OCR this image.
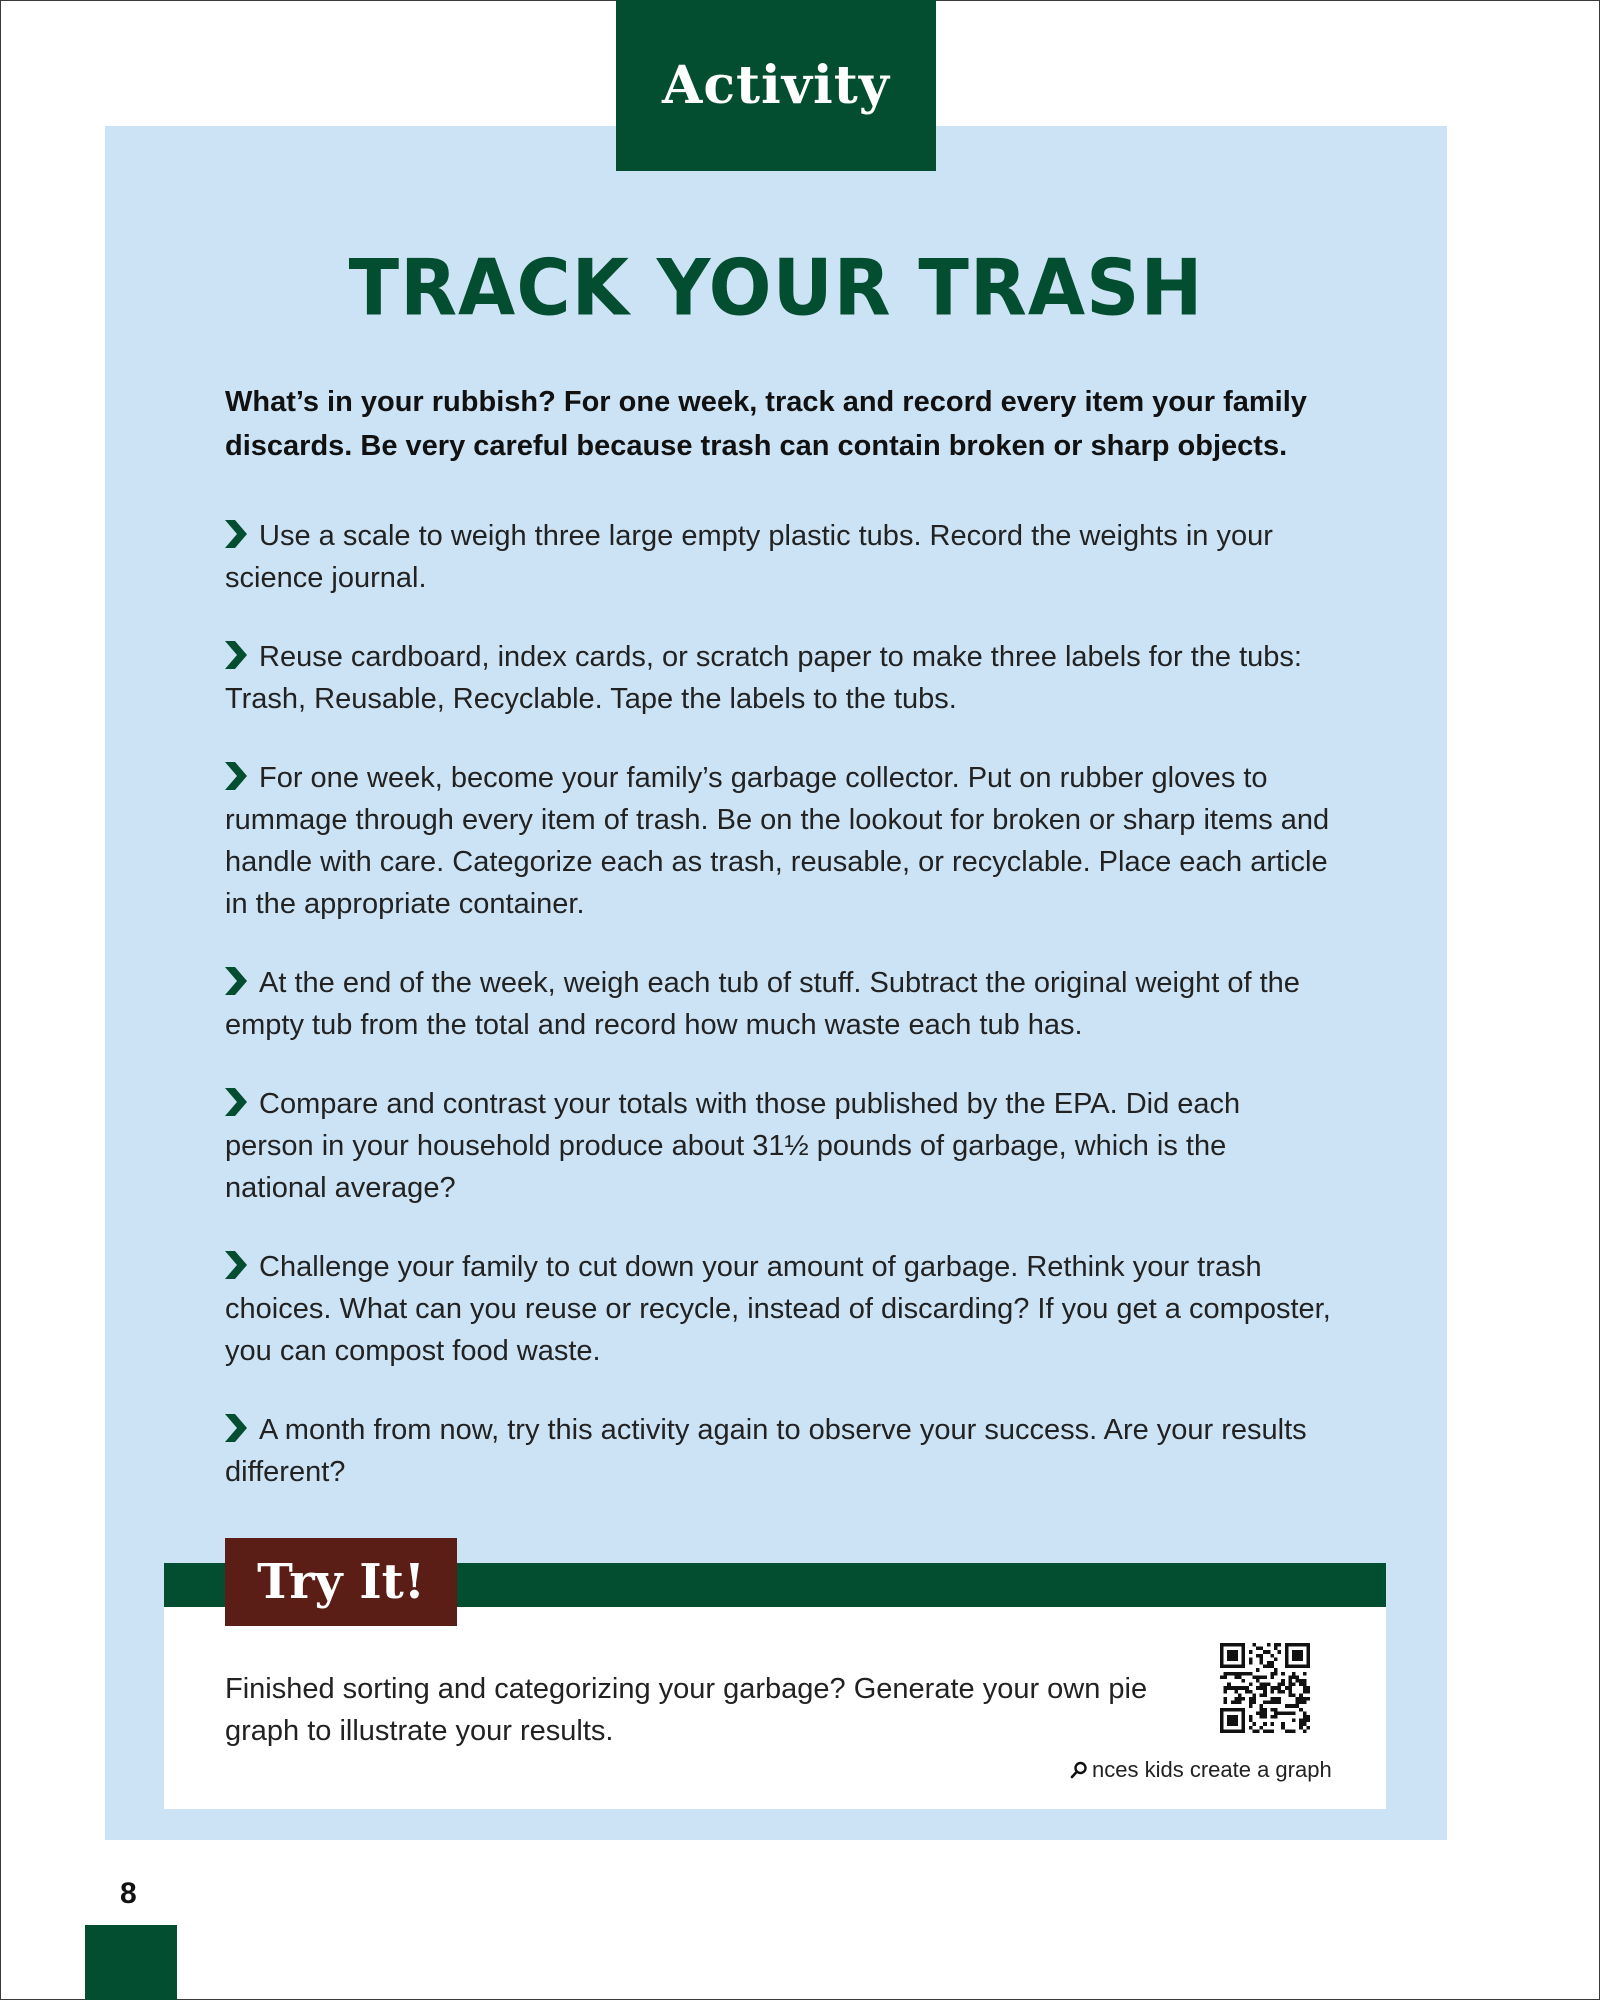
Activity
TRACK YOUR TRASH
What’s in your rubbish? For one week, track and record every item your family discards. Be very careful because trash can contain broken or sharp objects.
Use a scale to weigh three large empty plastic tubs. Record the weights in your science journal.
Reuse cardboard, index cards, or scratch paper to make three labels for the tubs: Trash, Reusable, Recyclable. Tape the labels to the tubs.
For one week, become your family’s garbage collector. Put on rubber gloves to rummage through every item of trash. Be on the lookout for broken or sharp items and handle with care. Categorize each as trash, reusable, or recyclable. Place each article in the appropriate container.
At the end of the week, weigh each tub of stuff. Subtract the original weight of the empty tub from the total and record how much waste each tub has.
Compare and contrast your totals with those published by the EPA. Did each person in your household produce about 31½ pounds of garbage, which is the national average?
Challenge your family to cut down your amount of garbage. Rethink your trash choices. What can you reuse or recycle, instead of discarding? If you get a composter, you can compost food waste.
A month from now, try this activity again to observe your success. Are your results different?
Try It!
Finished sorting and categorizing your garbage? Generate your own pie graph to illustrate your results.
nces kids create a graph
8
